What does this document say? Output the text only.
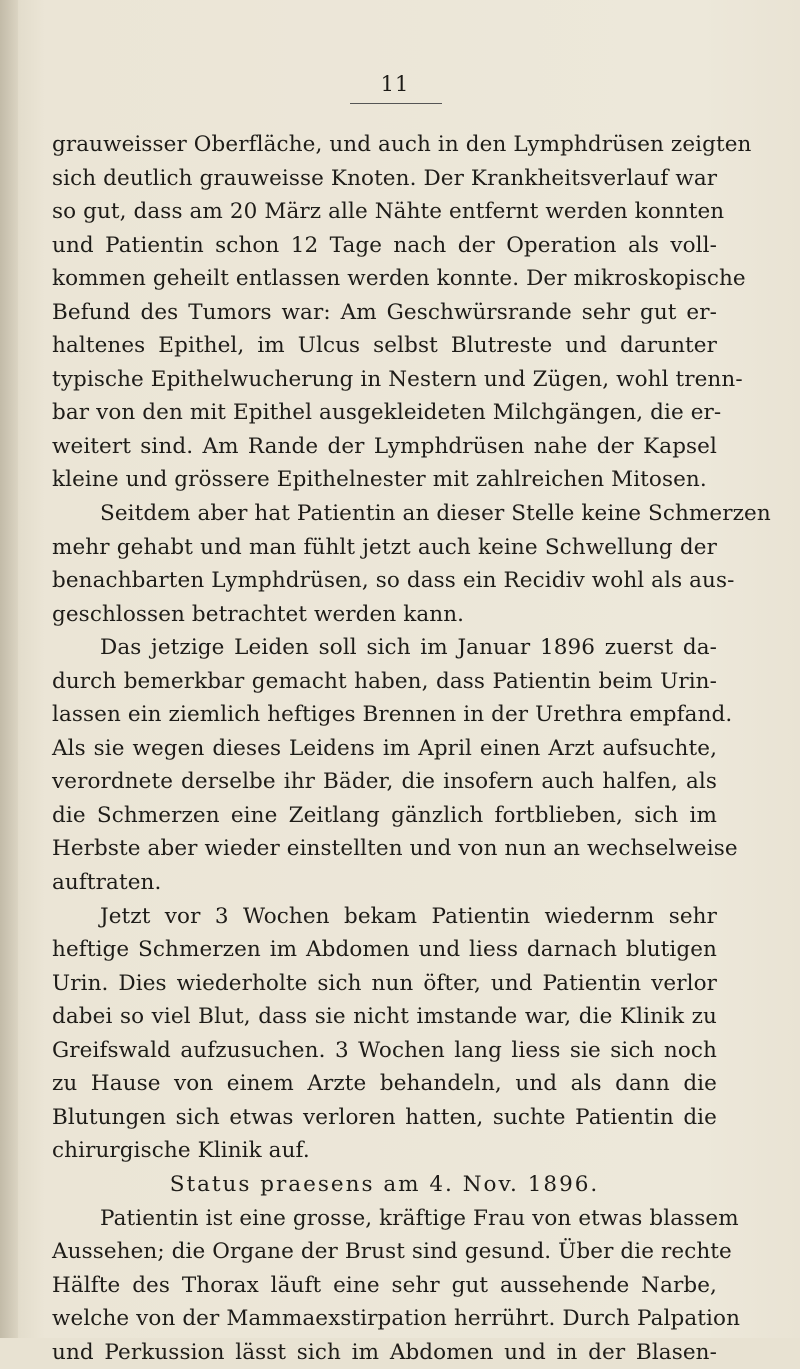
11
grauweisser Oberfläche, und auch in den Lymphdrüsen zeigten
sich deutlich grauweisse Knoten. Der Krankheitsverlauf war
so gut, dass am 20 März alle Nähte entfernt werden konnten
und Patientin schon 12 Tage nach der Operation als voll-
kommen geheilt entlassen werden konnte. Der mikroskopische
Befund des Tumors war: Am Geschwürsrande sehr gut er-
haltenes Epithel, im Ulcus selbst Blutreste und darunter
typische Epithelwucherung in Nestern und Zügen, wohl trenn-
bar von den mit Epithel ausgekleideten Milchgängen, die er-
weitert sind. Am Rande der Lymphdrüsen nahe der Kapsel
kleine und grössere Epithelnester mit zahlreichen Mitosen.
Seitdem aber hat Patientin an dieser Stelle keine Schmerzen
mehr gehabt und man fühlt jetzt auch keine Schwellung der
benachbarten Lymphdrüsen, so dass ein Recidiv wohl als aus-
geschlossen betrachtet werden kann.
Das jetzige Leiden soll sich im Januar 1896 zuerst da-
durch bemerkbar gemacht haben, dass Patientin beim Urin-
lassen ein ziemlich heftiges Brennen in der Urethra empfand.
Als sie wegen dieses Leidens im April einen Arzt aufsuchte,
verordnete derselbe ihr Bäder, die insofern auch halfen, als
die Schmerzen eine Zeitlang gänzlich fortblieben, sich im
Herbste aber wieder einstellten und von nun an wechselweise
auftraten.
Jetzt vor 3 Wochen bekam Patientin wiedernm sehr
heftige Schmerzen im Abdomen und liess darnach blutigen
Urin. Dies wiederholte sich nun öfter, und Patientin verlor
dabei so viel Blut, dass sie nicht imstande war, die Klinik zu
Greifswald aufzusuchen. 3 Wochen lang liess sie sich noch
zu Hause von einem Arzte behandeln, und als dann die
Blutungen sich etwas verloren hatten, suchte Patientin die
chirurgische Klinik auf.
Status praesens am 4. Nov. 1896.
Patientin ist eine grosse, kräftige Frau von etwas blassem
Aussehen; die Organe der Brust sind gesund. Über die rechte
Hälfte des Thorax läuft eine sehr gut aussehende Narbe,
welche von der Mammaexstirpation herrührt. Durch Palpation
und Perkussion lässt sich im Abdomen und in der Blasen-
